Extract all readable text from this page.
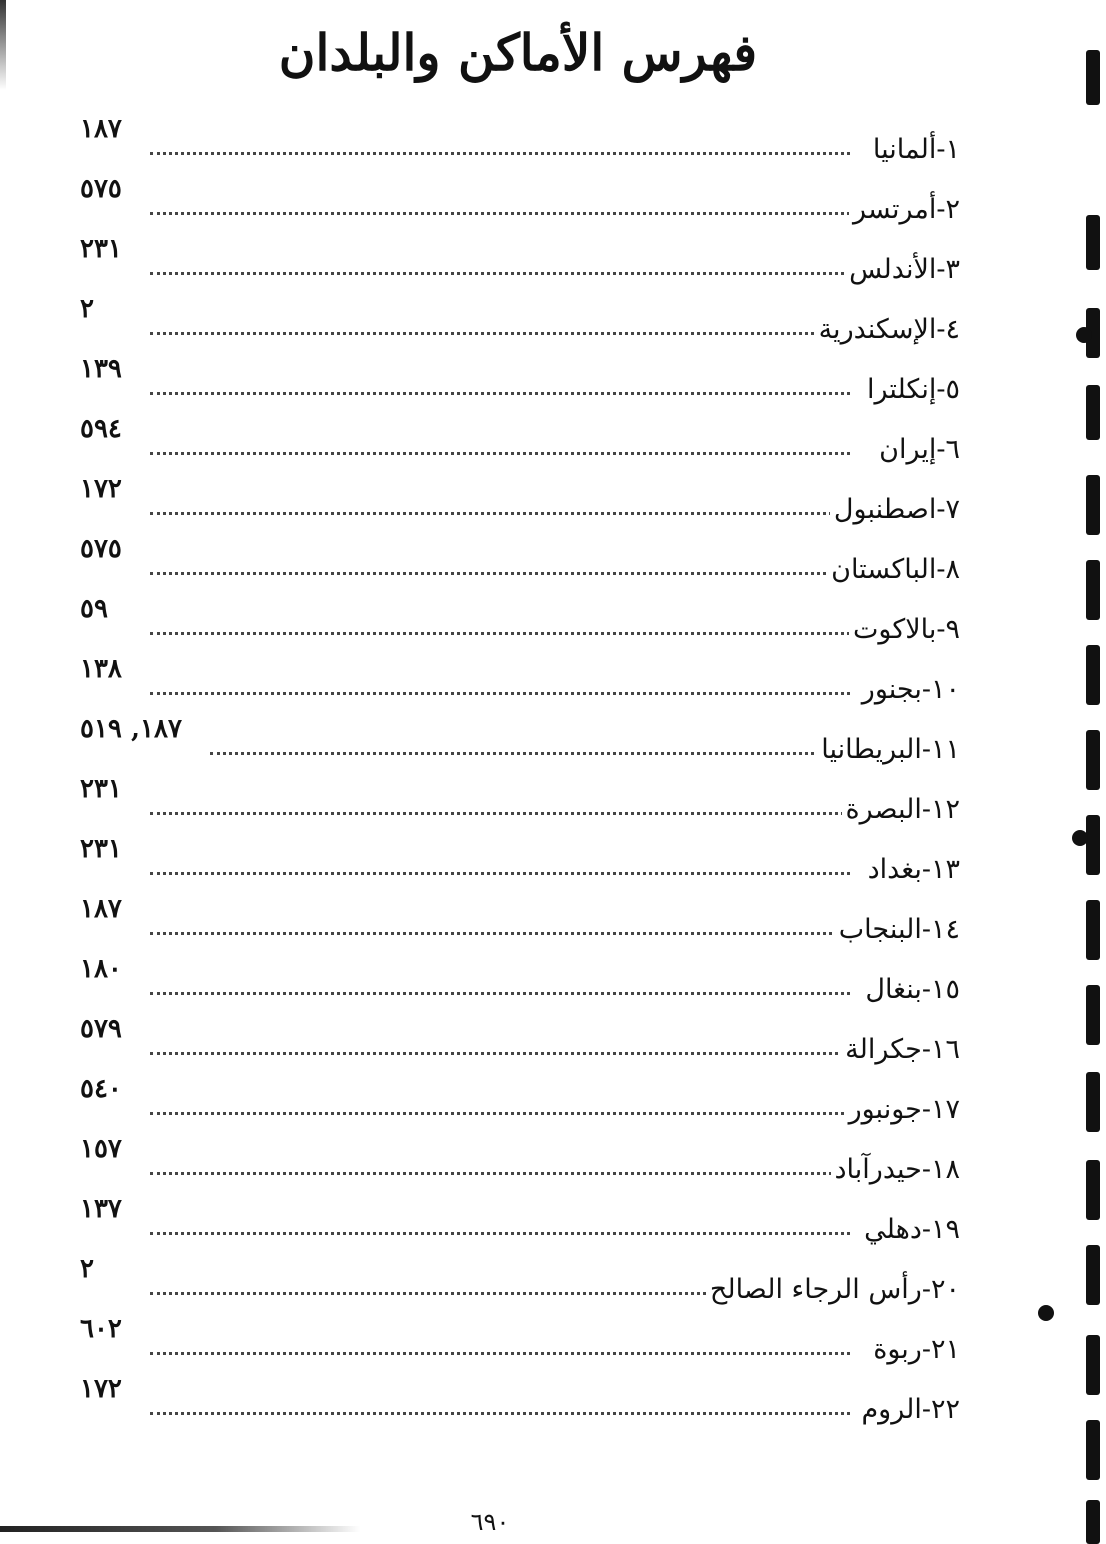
فهرس الأماكن والبلدان
١-ألمانيا
١٨٧
٢-أمرتسر
٥٧٥
٣-الأندلس
٢٣١
٤-الإسكندرية
٢
٥-إنكلترا
١٣٩
٦-إيران
٥٩٤
٧-اصطنبول
١٧٢
٨-الباكستان
٥٧٥
٩-بالاكوت
٥٩
١٠-بجنور
١٣٨
١١-البريطانيا
١٨٧, ٥١٩
١٢-البصرة
٢٣١
١٣-بغداد
٢٣١
١٤-البنجاب
١٨٧
١٥-بنغال
١٨٠
١٦-جكرالة
٥٧٩
١٧-جونبور
٥٤٠
١٨-حيدرآباد
١٥٧
١٩-دهلي
١٣٧
٢٠-رأس الرجاء الصالح
٢
٢١-ربوة
٦٠٢
٢٢-الروم
١٧٢
٦٩٠
